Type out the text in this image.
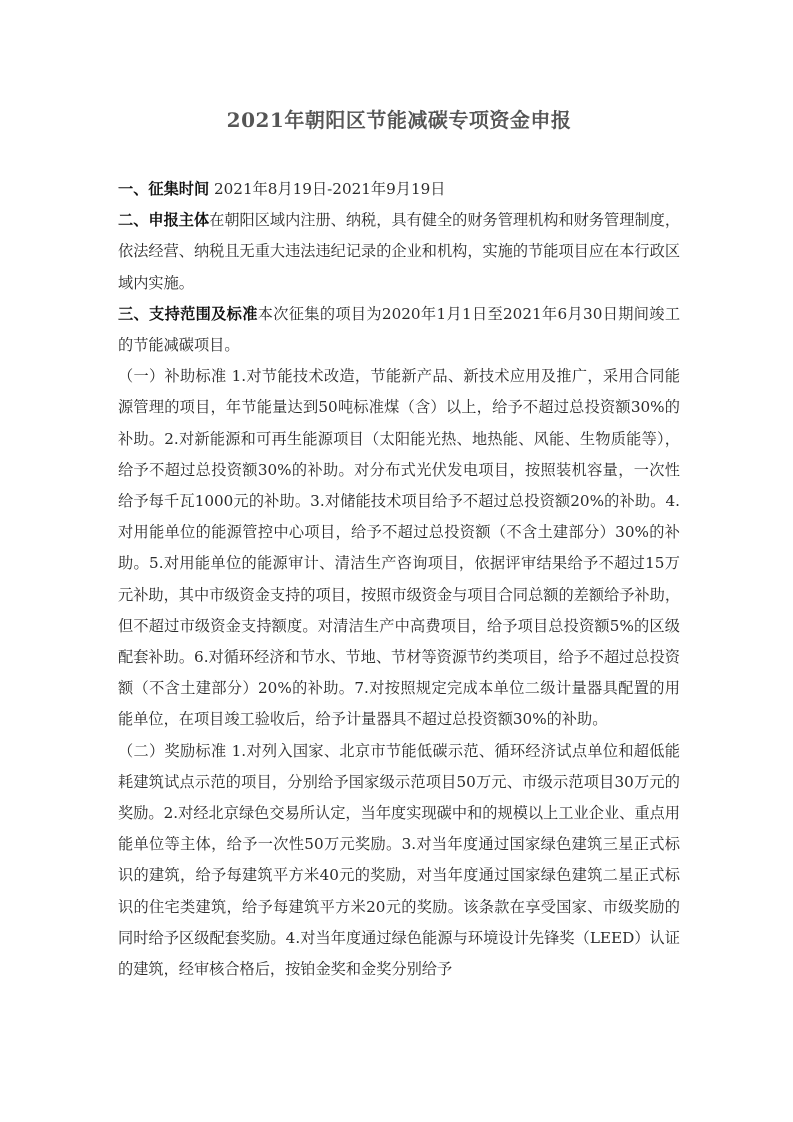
2021年朝阳区节能减碳专项资金申报

一、征集时间 2021年8月19日-2021年9月19日

二、申报主体在朝阳区域内注册、纳税，具有健全的财务管理机构和财务管理制度，依法经营、纳税且无重大违法违纪记录的企业和机构，实施的节能项目应在本行政区域内实施。

三、支持范围及标准本次征集的项目为2020年1月1日至2021年6月30日期间竣工的节能减碳项目。

（一）补助标准 1.对节能技术改造，节能新产品、新技术应用及推广，采用合同能源管理的项目，年节能量达到50吨标准煤（含）以上，给予不超过总投资额30%的补助。2.对新能源和可再生能源项目（太阳能光热、地热能、风能、生物质能等），给予不超过总投资额30%的补助。对分布式光伏发电项目，按照装机容量，一次性给予每千瓦1000元的补助。3.对储能技术项目给予不超过总投资额20%的补助。4.对用能单位的能源管控中心项目，给予不超过总投资额（不含土建部分）30%的补助。5.对用能单位的能源审计、清洁生产咨询项目，依据评审结果给予不超过15万元补助，其中市级资金支持的项目，按照市级资金与项目合同总额的差额给予补助，但不超过市级资金支持额度。对清洁生产中高费项目，给予项目总投资额5%的区级配套补助。6.对循环经济和节水、节地、节材等资源节约类项目，给予不超过总投资额（不含土建部分）20%的补助。7.对按照规定完成本单位二级计量器具配置的用能单位，在项目竣工验收后，给予计量器具不超过总投资额30%的补助。

（二）奖励标准 1.对列入国家、北京市节能低碳示范、循环经济试点单位和超低能耗建筑试点示范的项目，分别给予国家级示范项目50万元、市级示范项目30万元的奖励。2.对经北京绿色交易所认定，当年度实现碳中和的规模以上工业企业、重点用能单位等主体，给予一次性50万元奖励。3.对当年度通过国家绿色建筑三星正式标识的建筑，给予每建筑平方米40元的奖励，对当年度通过国家绿色建筑二星正式标识的住宅类建筑，给予每建筑平方米20元的奖励。该条款在享受国家、市级奖励的同时给予区级配套奖励。4.对当年度通过绿色能源与环境设计先锋奖（LEED）认证的建筑，经审核合格后，按铂金奖和金奖分别给予
